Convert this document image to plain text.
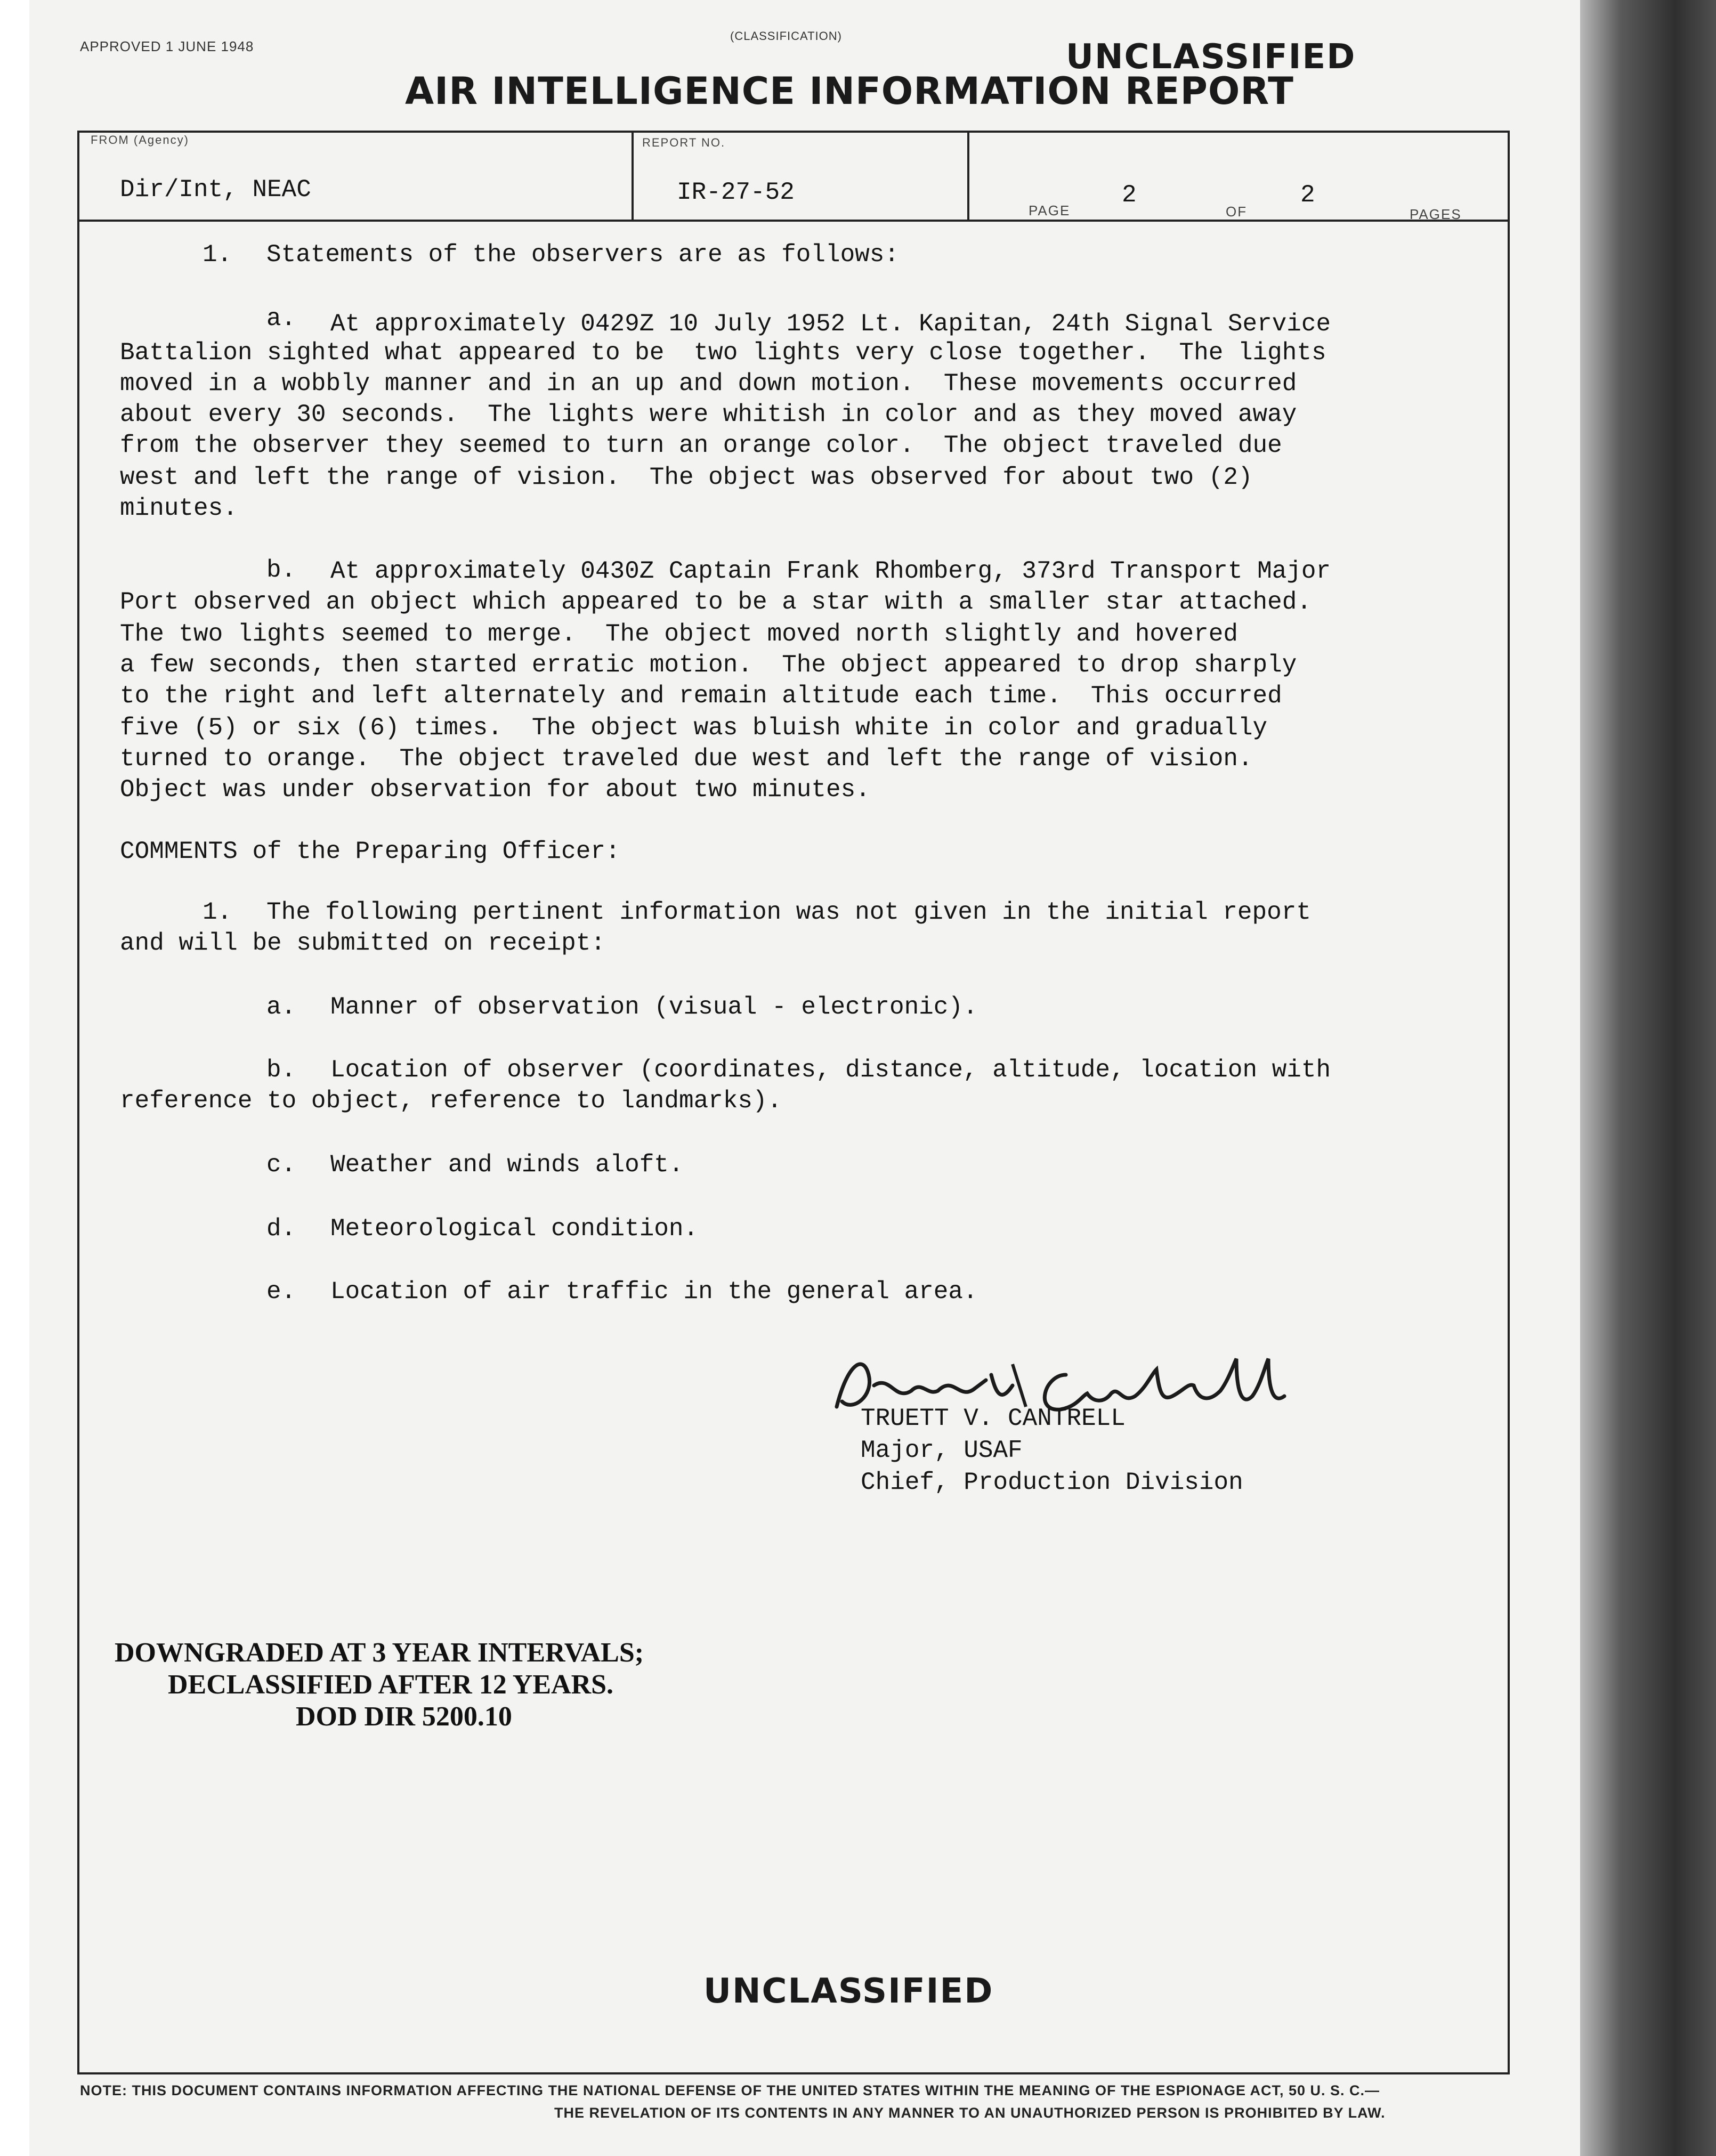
APPROVED 1 JUNE 1948
(CLASSIFICATION)
UNCLASSIFIED
AIR INTELLIGENCE INFORMATION REPORT
FROM (Agency)
Dir/Int, NEAC
REPORT NO.
IR-27-52
PAGE
2
OF
2
PAGES
1. Statements of the observers are as follows:
a. At approximately 0429Z 10 July 1952 Lt. Kapitan, 24th Signal Service
Battalion sighted what appeared to be  two lights very close together.  The lights
moved in a wobbly manner and in an up and down motion.  These movements occurred
about every 30 seconds.  The lights were whitish in color and as they moved away
from the observer they seemed to turn an orange color.  The object traveled due
west and left the range of vision.  The object was observed for about two (2)
minutes.
b. At approximately 0430Z Captain Frank Rhomberg, 373rd Transport Major
Port observed an object which appeared to be a star with a smaller star attached.
The two lights seemed to merge.  The object moved north slightly and hovered
a few seconds, then started erratic motion.  The object appeared to drop sharply
to the right and left alternately and remain altitude each time.  This occurred
five (5) or six (6) times.  The object was bluish white in color and gradually
turned to orange.  The object traveled due west and left the range of vision.
Object was under observation for about two minutes.
COMMENTS of the Preparing Officer:
1. The following pertinent information was not given in the initial report
and will be submitted on receipt:
a. Manner of observation (visual - electronic).
b. Location of observer (coordinates, distance, altitude, location with
reference to object, reference to landmarks).
c. Weather and winds aloft.
d. Meteorological condition.
e. Location of air traffic in the general area.
TRUETT V. CANTRELL
Major, USAF
Chief, Production Division
DOWNGRADED AT 3 YEAR INTERVALS;
DECLASSIFIED AFTER 12 YEARS.
DOD DIR 5200.10
UNCLASSIFIED
NOTE: THIS DOCUMENT CONTAINS INFORMATION AFFECTING THE NATIONAL DEFENSE OF THE UNITED STATES WITHIN THE MEANING OF THE ESPIONAGE ACT, 50 U. S. C.—
THE REVELATION OF ITS CONTENTS IN ANY MANNER TO AN UNAUTHORIZED PERSON IS PROHIBITED BY LAW.
